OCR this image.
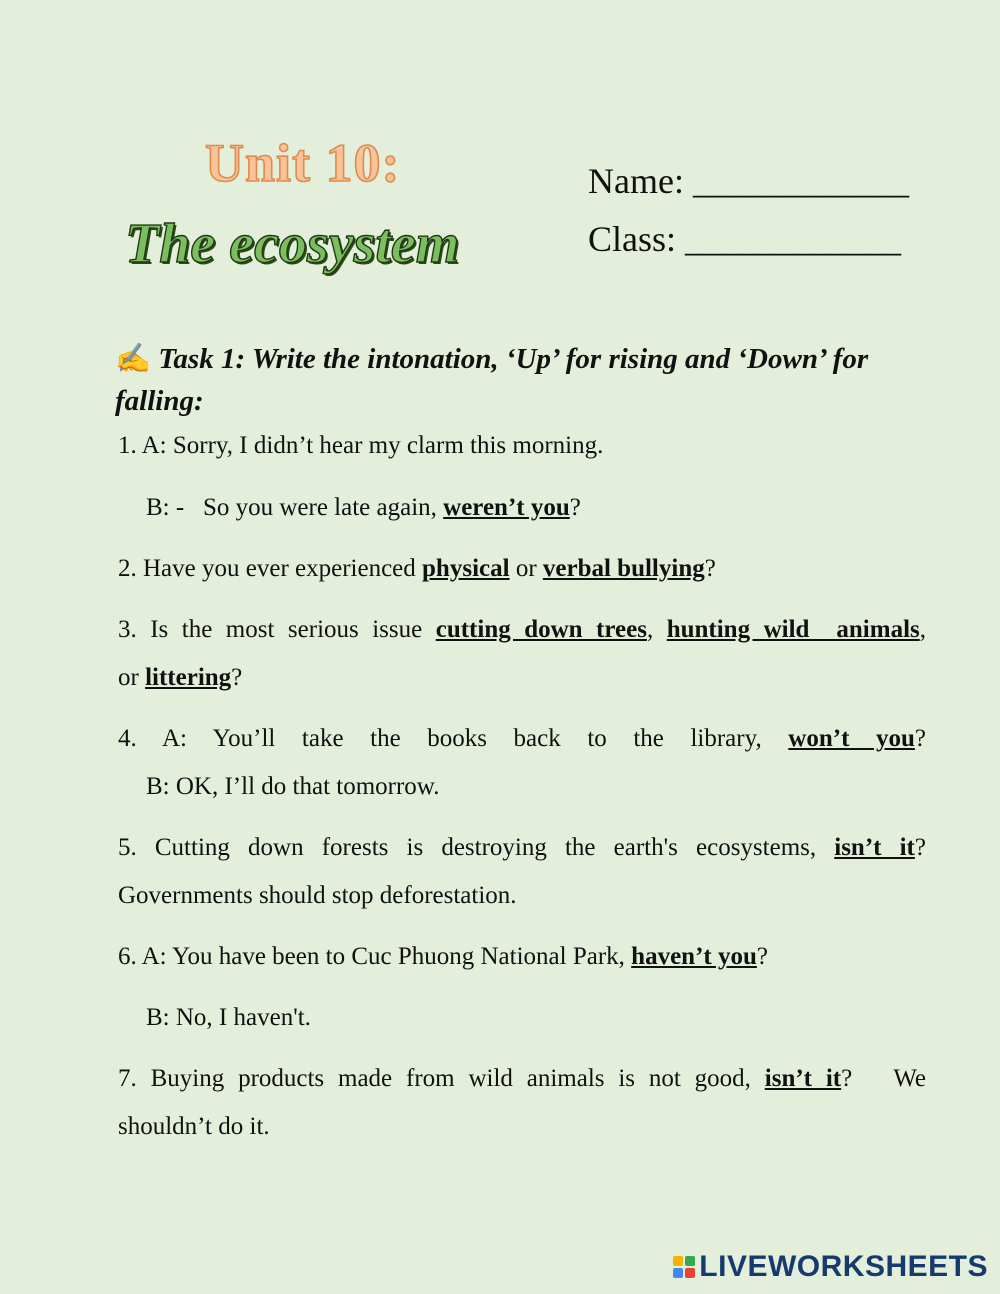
Unit 10:
The ecosystem
Name: ____________
Class: ____________
✍ Task 1: Write the intonation, ‘Up’ for rising and ‘Down’ for falling:
1. A: Sorry, I didn’t hear my clarm this morning.
B: -   So you were late again, weren’t you?
2. Have you ever experienced physical or verbal bullying?
3. Is the most serious issue cutting down trees, hunting wild  animals,
or littering?
4. A: You’ll take the books back to the library, won’t you?
B: OK, I’ll do that tomorrow.
5. Cutting down forests is destroying the earth's ecosystems, isn’t it?
Governments should stop deforestation.
6. A: You have been to Cuc Phuong National Park, haven’t you?
B: No, I haven't.
7. Buying products made from wild animals is not good, isn’t it?   We
shouldn’t do it.
LIVEWORKSHEETS
